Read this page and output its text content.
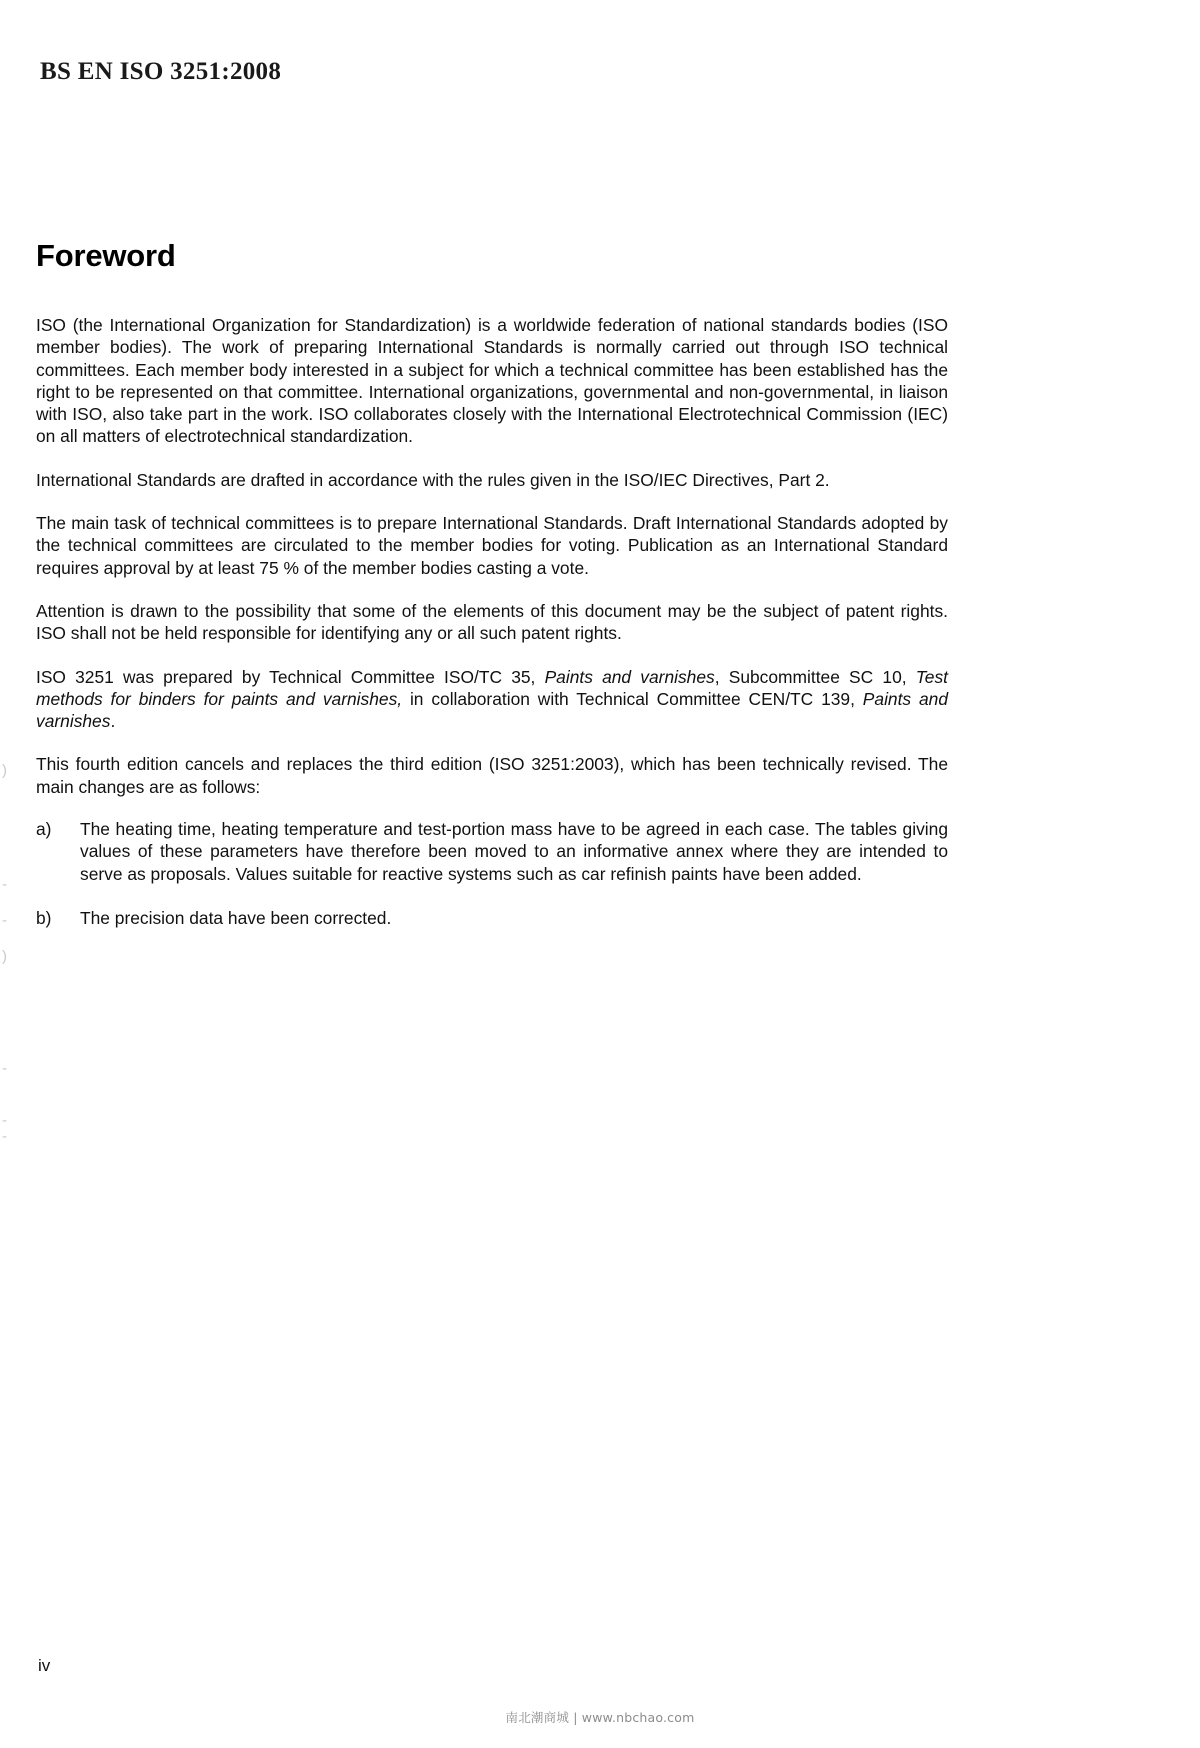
BS EN ISO 3251:2008
Foreword

ISO (the International Organization for Standardization) is a worldwide federation of national standards bodies (ISO member bodies). The work of preparing International Standards is normally carried out through ISO technical committees. Each member body interested in a subject for which a technical committee has been established has the right to be represented on that committee. International organizations, governmental and non-governmental, in liaison with ISO, also take part in the work. ISO collaborates closely with the International Electrotechnical Commission (IEC) on all matters of electrotechnical standardization.

International Standards are drafted in accordance with the rules given in the ISO/IEC Directives, Part 2.

The main task of technical committees is to prepare International Standards. Draft International Standards adopted by the technical committees are circulated to the member bodies for voting. Publication as an International Standard requires approval by at least 75 % of the member bodies casting a vote.

Attention is drawn to the possibility that some of the elements of this document may be the subject of patent rights. ISO shall not be held responsible for identifying any or all such patent rights.

ISO 3251 was prepared by Technical Committee ISO/TC 35, Paints and varnishes, Subcommittee SC 10, Test methods for binders for paints and varnishes, in collaboration with Technical Committee CEN/TC 139, Paints and varnishes.

This fourth edition cancels and replaces the third edition (ISO 3251:2003), which has been technically revised. The main changes are as follows:

a)	The heating time, heating temperature and test-portion mass have to be agreed in each case. The tables giving values of these parameters have therefore been moved to an informative annex where they are intended to serve as proposals. Values suitable for reactive systems such as car refinish paints have been added.
b)	The precision data have been corrected.
iv
南北潮商城 | www.nbchao.com
)
-
-
)
-
-
-
